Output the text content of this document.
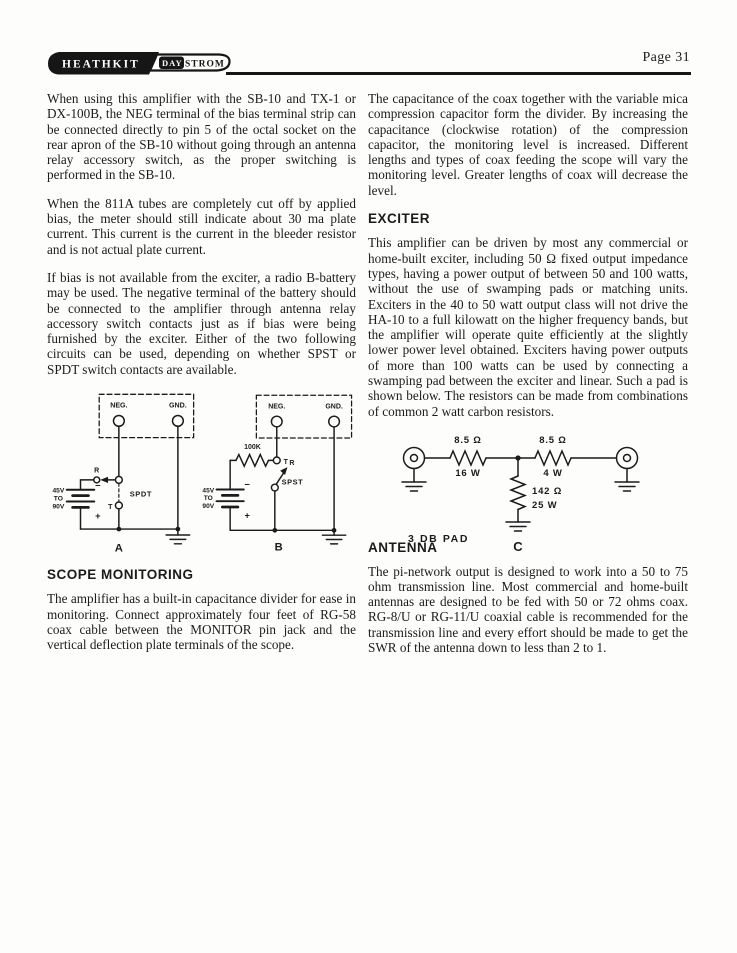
HEATHKIT	DAY STROM	Page 31

When using this amplifier with the SB-10 and TX-1 or DX-100B, the NEG terminal of the bias terminal strip can be connected directly to pin 5 of the octal socket on the rear apron of the SB-10 without going through an antenna relay accessory switch, as the proper switching is performed in the SB-10.

When the 811A tubes are completely cut off by applied bias, the meter should still indicate about 30 ma plate current. This current is the current in the bleeder resistor and is not actual plate current.

If bias is not available from the exciter, a radio B-battery may be used. The negative terminal of the battery should be connected to the amplifier through antenna relay accessory switch contacts just as if bias were being furnished by the exciter. Either of the two following circuits can be used, depending on whether SPST or SPDT switch contacts are available.

NEG.	GND.
R
T
SPDT
−
+
45V
TO
90V
A
NEG.	GND.
T
100K
R
SPST
−
+
45V
TO
90V
B
SCOPE MONITORING

The amplifier has a built-in capacitance divider for ease in monitoring. Connect approximately four feet of RG-58 coax cable between the MONITOR pin jack and the vertical deflection plate terminals of the scope.

The capacitance of the coax together with the variable mica compression capacitor form the divider. By increasing the capacitance (clockwise rotation) of the compression capacitor, the monitoring level is increased. Different lengths and types of coax feeding the scope will vary the monitoring level. Greater lengths of coax will decrease the level.

EXCITER

This amplifier can be driven by most any commercial or home-built exciter, including 50 Ω fixed output impedance types, having a power output of between 50 and 100 watts, without the use of swamping pads or matching units. Exciters in the 40 to 50 watt output class will not drive the HA-10 to a full kilowatt on the higher frequency bands, but the amplifier will operate quite efficiently at the slightly lower power level obtained. Exciters having power outputs of more than 100 watts can be used by connecting a swamping pad between the exciter and linear. Such a pad is shown below. The resistors can be made from combinations of common 2 watt carbon resistors.

8.5 Ω
16 W
8.5 Ω
4 W
142 Ω
25 W
3 DB PAD	C
ANTENNA

The pi-network output is designed to work into a 50 to 75 ohm transmission line. Most commercial and home-built antennas are designed to be fed with 50 or 72 ohms coax. RG-8/U or RG-11/U coaxial cable is recommended for the transmission line and every effort should be made to get the SWR of the antenna down to less than 2 to 1.
